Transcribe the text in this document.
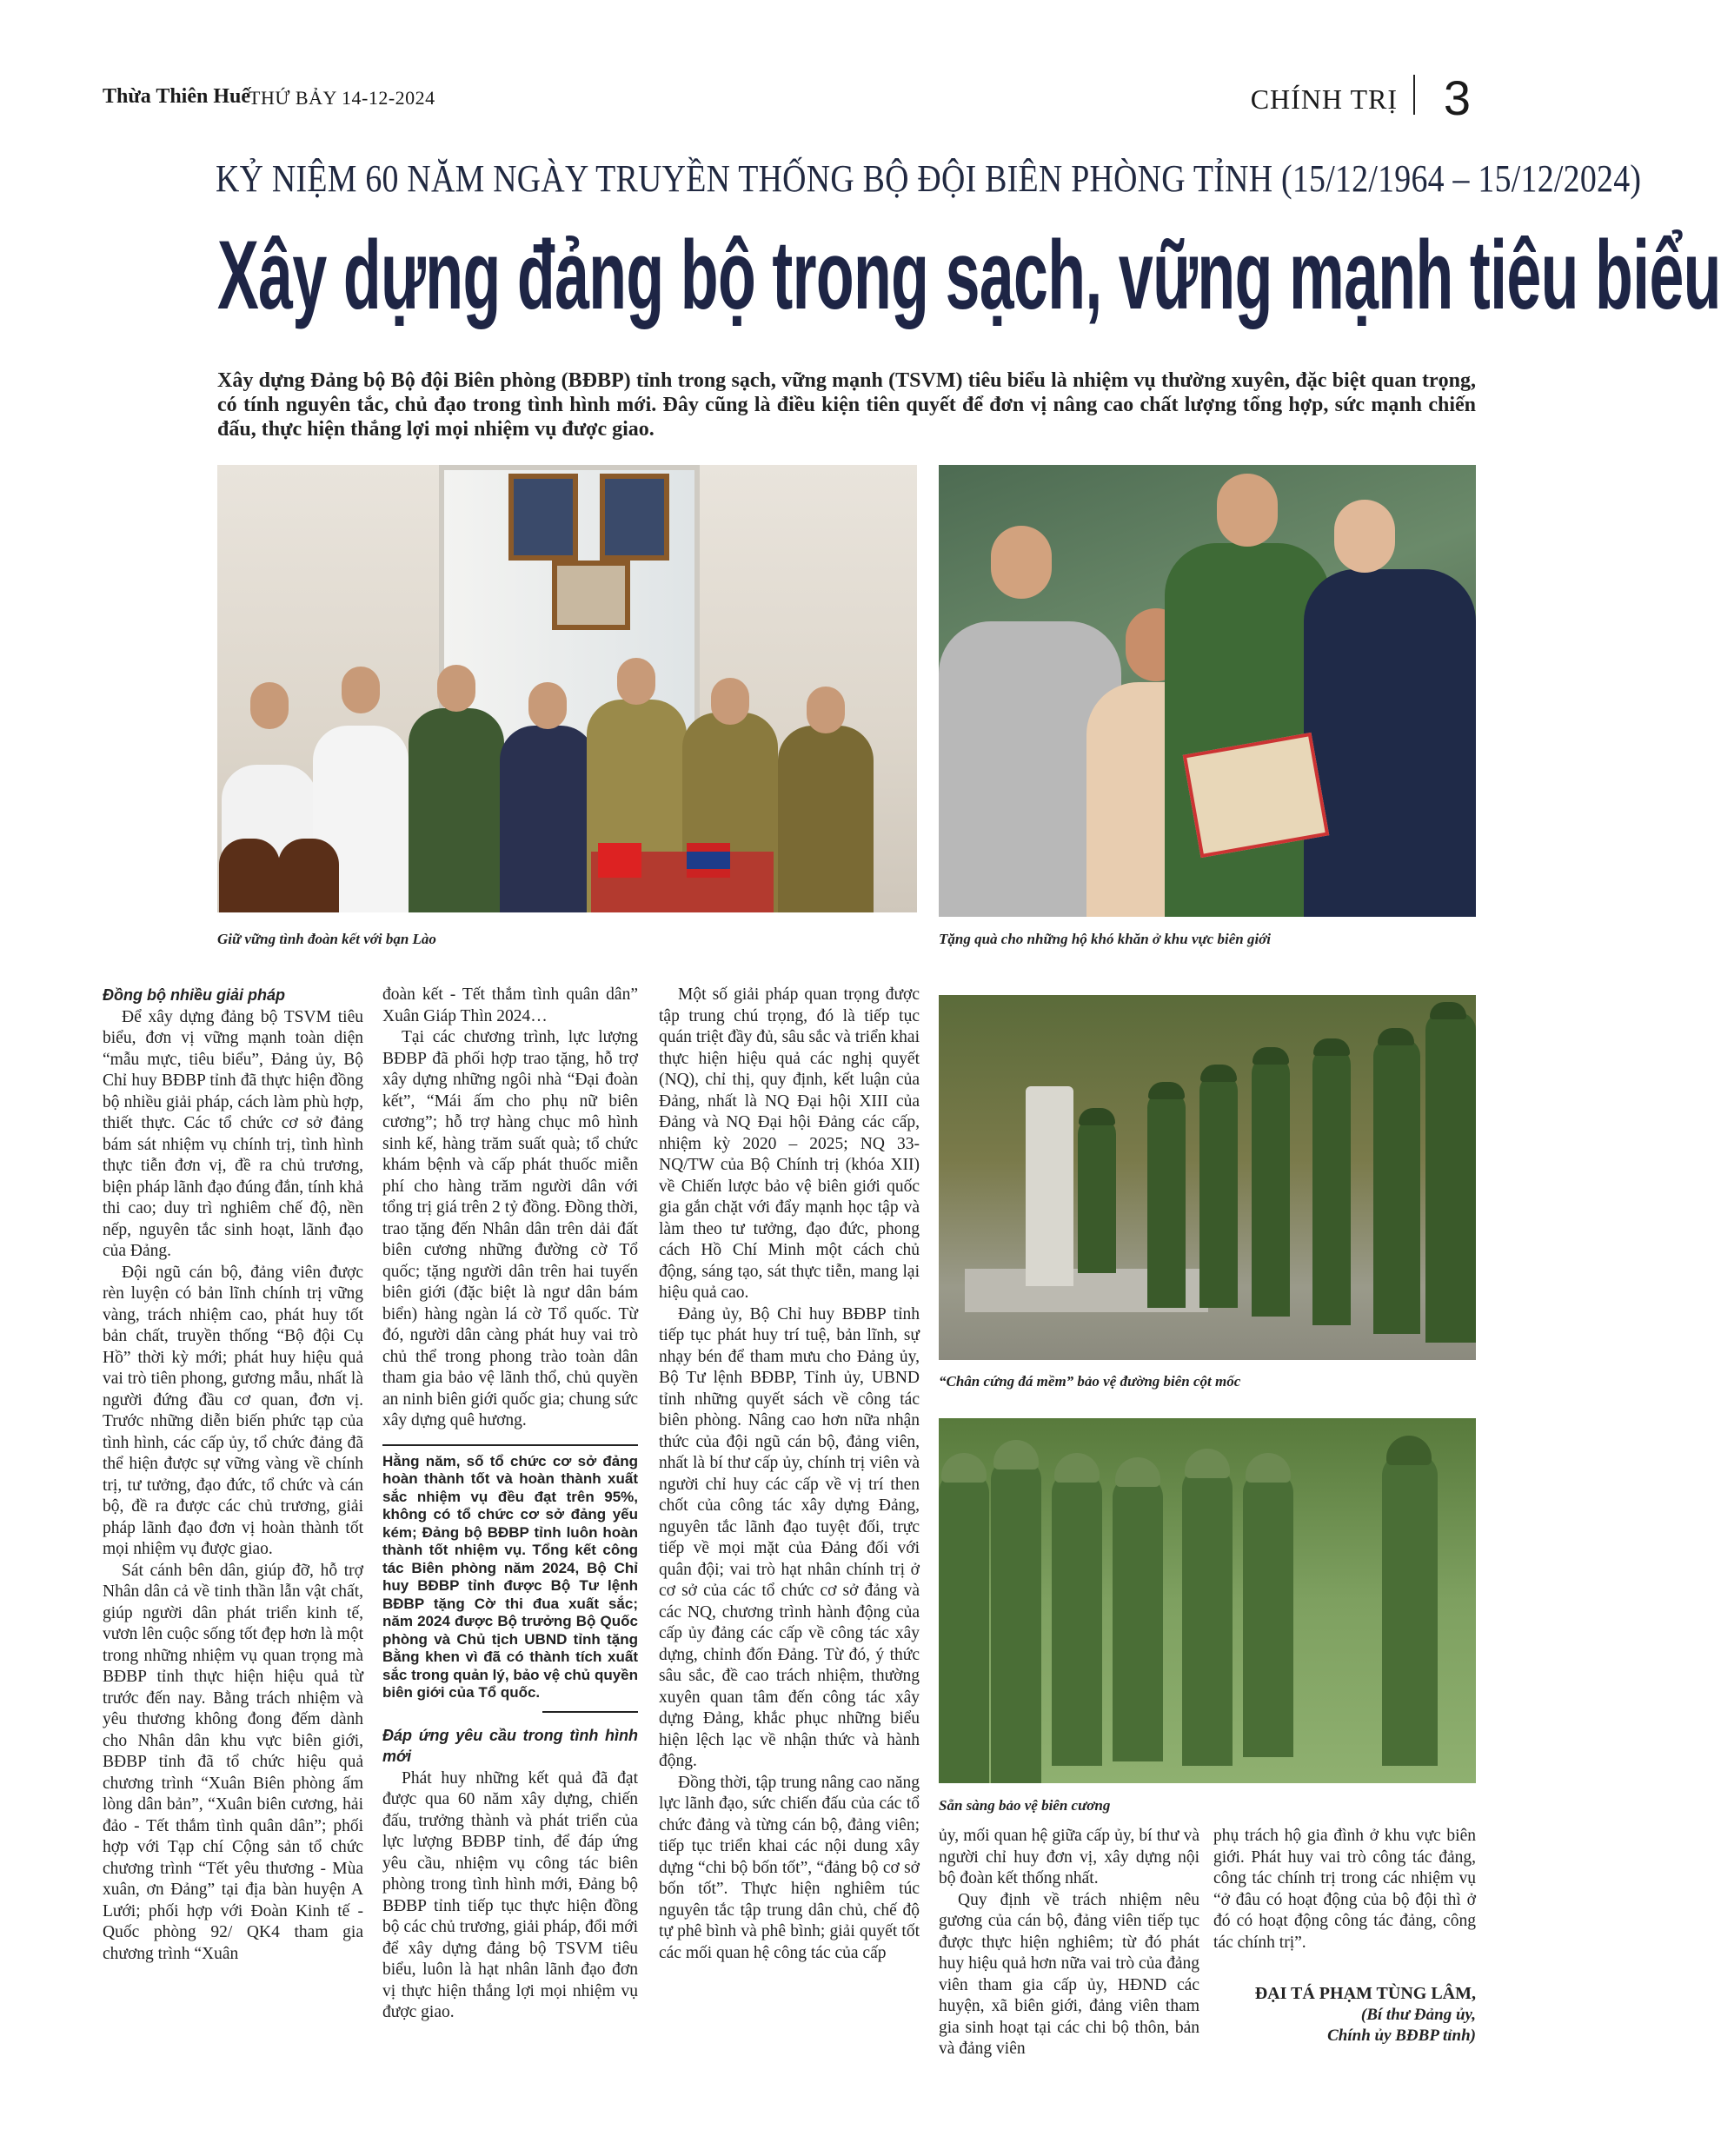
Thừa Thiên Huế
THỨ BẢY 14-12-2024	CHÍNH TRỊ 3
KỶ NIỆM 60 NĂM NGÀY TRUYỀN THỐNG BỘ ĐỘI BIÊN PHÒNG TỈNH (15/12/1964 – 15/12/2024)
Xây dựng đảng bộ trong sạch, vững mạnh tiêu biểu
Xây dựng Đảng bộ Bộ đội Biên phòng (BĐBP) tỉnh trong sạch, vững mạnh (TSVM) tiêu biểu là nhiệm vụ thường xuyên, đặc biệt quan trọng, có tính nguyên tắc, chủ đạo trong tình hình mới. Đây cũng là điều kiện tiên quyết để đơn vị nâng cao chất lượng tổng hợp, sức mạnh chiến đấu, thực hiện thắng lợi mọi nhiệm vụ được giao.
Giữ vững tình đoàn kết với bạn Lào	Tặng quà cho những hộ khó khăn ở khu vực biên giới
“Chân cứng đá mềm” bảo vệ đường biên cột mốc
Sẵn sàng bảo vệ biên cương
Đồng bộ nhiều giải pháp

Để xây dựng đảng bộ TSVM tiêu biểu, đơn vị vững mạnh toàn diện “mẫu mực, tiêu biểu”, Đảng ủy, Bộ Chỉ huy BĐBP tỉnh đã thực hiện đồng bộ nhiều giải pháp, cách làm phù hợp, thiết thực. Các tổ chức cơ sở đảng bám sát nhiệm vụ chính trị, tình hình thực tiễn đơn vị, đề ra chủ trương, biện pháp lãnh đạo đúng đắn, tính khả thi cao; duy trì nghiêm chế độ, nền nếp, nguyên tắc sinh hoạt, lãnh đạo của Đảng.

Đội ngũ cán bộ, đảng viên được rèn luyện có bản lĩnh chính trị vững vàng, trách nhiệm cao, phát huy tốt bản chất, truyền thống “Bộ đội Cụ Hồ” thời kỳ mới; phát huy hiệu quả vai trò tiên phong, gương mẫu, nhất là người đứng đầu cơ quan, đơn vị. Trước những diễn biến phức tạp của tình hình, các cấp ủy, tổ chức đảng đã thể hiện được sự vững vàng về chính trị, tư tưởng, đạo đức, tổ chức và cán bộ, đề ra được các chủ trương, giải pháp lãnh đạo đơn vị hoàn thành tốt mọi nhiệm vụ được giao.

Sát cánh bên dân, giúp đỡ, hỗ trợ Nhân dân cả về tinh thần lẫn vật chất, giúp người dân phát triển kinh tế, vươn lên cuộc sống tốt đẹp hơn là một trong những nhiệm vụ quan trọng mà BĐBP tỉnh thực hiện hiệu quả từ trước đến nay. Bằng trách nhiệm và yêu thương không đong đếm dành cho Nhân dân khu vực biên giới, BĐBP tỉnh đã tổ chức hiệu quả chương trình “Xuân Biên phòng ấm lòng dân bản”, “Xuân biên cương, hải đảo - Tết thắm tình quân dân”; phối hợp với Tạp chí Cộng sản tổ chức chương trình “Tết yêu thương - Mùa xuân, ơn Đảng” tại địa bàn huyện A Lưới; phối hợp với Đoàn Kinh tế - Quốc phòng 92/ QK4 tham gia chương trình “Xuân

đoàn kết - Tết thắm tình quân dân” Xuân Giáp Thìn 2024…

Tại các chương trình, lực lượng BĐBP đã phối hợp trao tặng, hỗ trợ xây dựng những ngôi nhà “Đại đoàn kết”, “Mái ấm cho phụ nữ biên cương”; hỗ trợ hàng chục mô hình sinh kế, hàng trăm suất quà; tổ chức khám bệnh và cấp phát thuốc miễn phí cho hàng trăm người dân với tổng trị giá trên 2 tỷ đồng. Đồng thời, trao tặng đến Nhân dân trên dải đất biên cương những đường cờ Tổ quốc; tặng người dân trên hai tuyến biên giới (đặc biệt là ngư dân bám biển) hàng ngàn lá cờ Tổ quốc. Từ đó, người dân càng phát huy vai trò chủ thể trong phong trào toàn dân tham gia bảo vệ lãnh thổ, chủ quyền an ninh biên giới quốc gia; chung sức xây dựng quê hương.

Hằng năm, số tổ chức cơ sở đảng hoàn thành tốt và hoàn thành xuất sắc nhiệm vụ đều đạt trên 95%, không có tổ chức cơ sở đảng yếu kém; Đảng bộ BĐBP tỉnh luôn hoàn thành tốt nhiệm vụ. Tổng kết công tác Biên phòng năm 2024, Bộ Chỉ huy BĐBP tỉnh được Bộ Tư lệnh BĐBP tặng Cờ thi đua xuất sắc; năm 2024 được Bộ trưởng Bộ Quốc phòng và Chủ tịch UBND tỉnh tặng Bằng khen vì đã có thành tích xuất sắc trong quản lý, bảo vệ chủ quyền biên giới của Tổ quốc.
Đáp ứng yêu cầu trong tình hình mới

Phát huy những kết quả đã đạt được qua 60 năm xây dựng, chiến đấu, trưởng thành và phát triển của lực lượng BĐBP tỉnh, để đáp ứng yêu cầu, nhiệm vụ công tác biên phòng trong tình hình mới, Đảng bộ BĐBP tỉnh tiếp tục thực hiện đồng bộ các chủ trương, giải pháp, đổi mới để xây dựng đảng bộ TSVM tiêu biểu, luôn là hạt nhân lãnh đạo đơn vị thực hiện thắng lợi mọi nhiệm vụ được giao.

Một số giải pháp quan trọng được tập trung chú trọng, đó là tiếp tục quán triệt đầy đủ, sâu sắc và triển khai thực hiện hiệu quả các nghị quyết (NQ), chỉ thị, quy định, kết luận của Đảng, nhất là NQ Đại hội XIII của Đảng và NQ Đại hội Đảng các cấp, nhiệm kỳ 2020 – 2025; NQ 33-NQ/TW của Bộ Chính trị (khóa XII) về Chiến lược bảo vệ biên giới quốc gia gắn chặt với đẩy mạnh học tập và làm theo tư tưởng, đạo đức, phong cách Hồ Chí Minh một cách chủ động, sáng tạo, sát thực tiễn, mang lại hiệu quả cao.

Đảng ủy, Bộ Chỉ huy BĐBP tỉnh tiếp tục phát huy trí tuệ, bản lĩnh, sự nhạy bén để tham mưu cho Đảng ủy, Bộ Tư lệnh BĐBP, Tỉnh ủy, UBND tỉnh những quyết sách về công tác biên phòng. Nâng cao hơn nữa nhận thức của đội ngũ cán bộ, đảng viên, nhất là bí thư cấp ủy, chính trị viên và người chỉ huy các cấp về vị trí then chốt của công tác xây dựng Đảng, nguyên tắc lãnh đạo tuyệt đối, trực tiếp về mọi mặt của Đảng đối với quân đội; vai trò hạt nhân chính trị ở cơ sở của các tổ chức cơ sở đảng và các NQ, chương trình hành động của cấp ủy đảng các cấp về công tác xây dựng, chỉnh đốn Đảng. Từ đó, ý thức sâu sắc, đề cao trách nhiệm, thường xuyên quan tâm đến công tác xây dựng Đảng, khắc phục những biểu hiện lệch lạc về nhận thức và hành động.

Đồng thời, tập trung nâng cao năng lực lãnh đạo, sức chiến đấu của các tổ chức đảng và từng cán bộ, đảng viên; tiếp tục triển khai các nội dung xây dựng “chi bộ bốn tốt”, “đảng bộ cơ sở bốn tốt”. Thực hiện nghiêm túc nguyên tắc tập trung dân chủ, chế độ tự phê bình và phê bình; giải quyết tốt các mối quan hệ công tác của cấp

ủy, mối quan hệ giữa cấp ủy, bí thư và người chỉ huy đơn vị, xây dựng nội bộ đoàn kết thống nhất.

Quy định về trách nhiệm nêu gương của cán bộ, đảng viên tiếp tục được thực hiện nghiêm; từ đó phát huy hiệu quả hơn nữa vai trò của đảng viên tham gia cấp ủy, HĐND các huyện, xã biên giới, đảng viên tham gia sinh hoạt tại các chi bộ thôn, bản và đảng viên

phụ trách hộ gia đình ở khu vực biên giới. Phát huy vai trò công tác đảng, công tác chính trị trong các nhiệm vụ “ở đâu có hoạt động của bộ đội thì ở đó có hoạt động công tác đảng, công tác chính trị”.

ĐẠI TÁ PHẠM TÙNG LÂM,
(Bí thư Đảng ủy,
Chính ủy BĐBP tỉnh)
